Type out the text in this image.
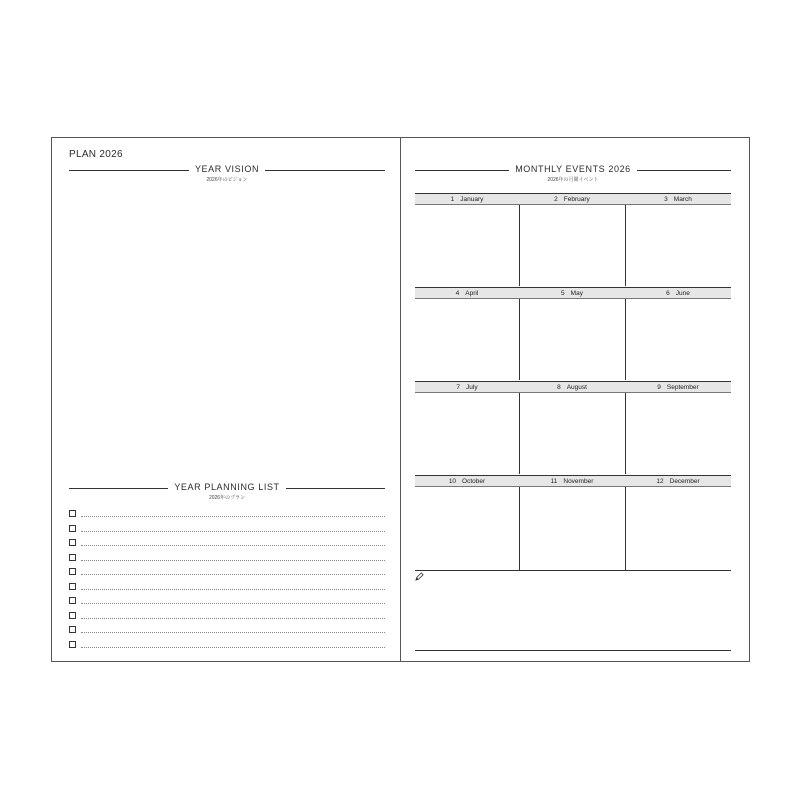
PLAN 2026
YEAR VISION
2026年のビジョン
YEAR PLANNING LIST
2026年のプラン
MONTHLY EVENTS 2026
2026年の月間イベント
1 January	2 February	3 March
4 April	5 May	6 June
7 July	8 August	9 September
10 October	11 November	12 December
